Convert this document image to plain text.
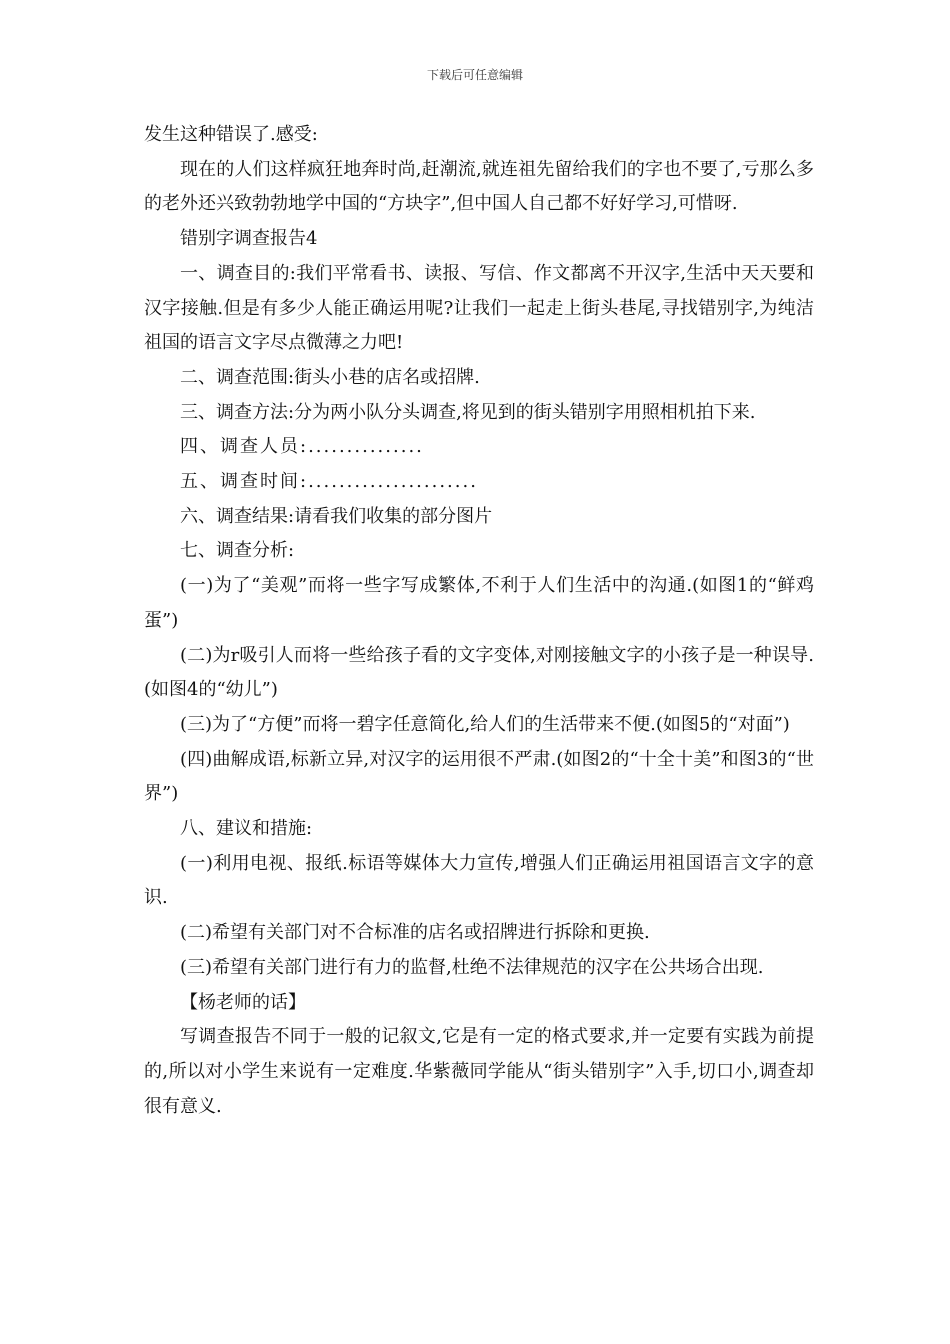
下载后可任意编辑

发生这种错误了.感受:

现在的人们这样疯狂地奔时尚,赶潮流,就连祖先留给我们的字也不要了,亏那么多的老外还兴致勃勃地学中国的“方块字”,但中国人自己都不好好学习,可惜呀.

错别字调查报告4

一、调查目的:我们平常看书、读报、写信、作文都离不开汉字,生活中天天要和汉字接触.但是有多少人能正确运用呢?让我们一起走上街头巷尾,寻找错别字,为纯洁祖国的语言文字尽点微薄之力吧!

二、调查范围:街头小巷的店名或招牌.

三、调查方法:分为两小队分头调查,将见到的街头错别字用照相机拍下来.

四、调查人员:...............

五、调查时间:......................

六、调查结果:请看我们收集的部分图片

七、调查分析:

(一)为了“美观”而将一些字写成繁体,不利于人们生活中的沟通.(如图1的“鲜鸡蛋”)

(二)为r吸引人而将一些给孩子看的文字变体,对刚接触文字的小孩子是一种误导.(如图4的“幼儿”)

(三)为了“方便”而将一碧字任意简化,给人们的生活带来不便.(如图5的“对面”)

(四)曲解成语,标新立异,对汉字的运用很不严肃.(如图2的“十全十美”和图3的“世界”)

八、建议和措施:

(一)利用电视、报纸.标语等媒体大力宣传,增强人们正确运用祖国语言文字的意识.

(二)希望有关部门对不合标准的店名或招牌进行拆除和更换.

(三)希望有关部门进行有力的监督,杜绝不法律规范的汉字在公共场合出现.

【杨老师的话】

写调查报告不同于一般的记叙文,它是有一定的格式要求,并一定要有实践为前提的,所以对小学生来说有一定难度.华紫薇同学能从“街头错别字”入手,切口小,调查却很有意义.
